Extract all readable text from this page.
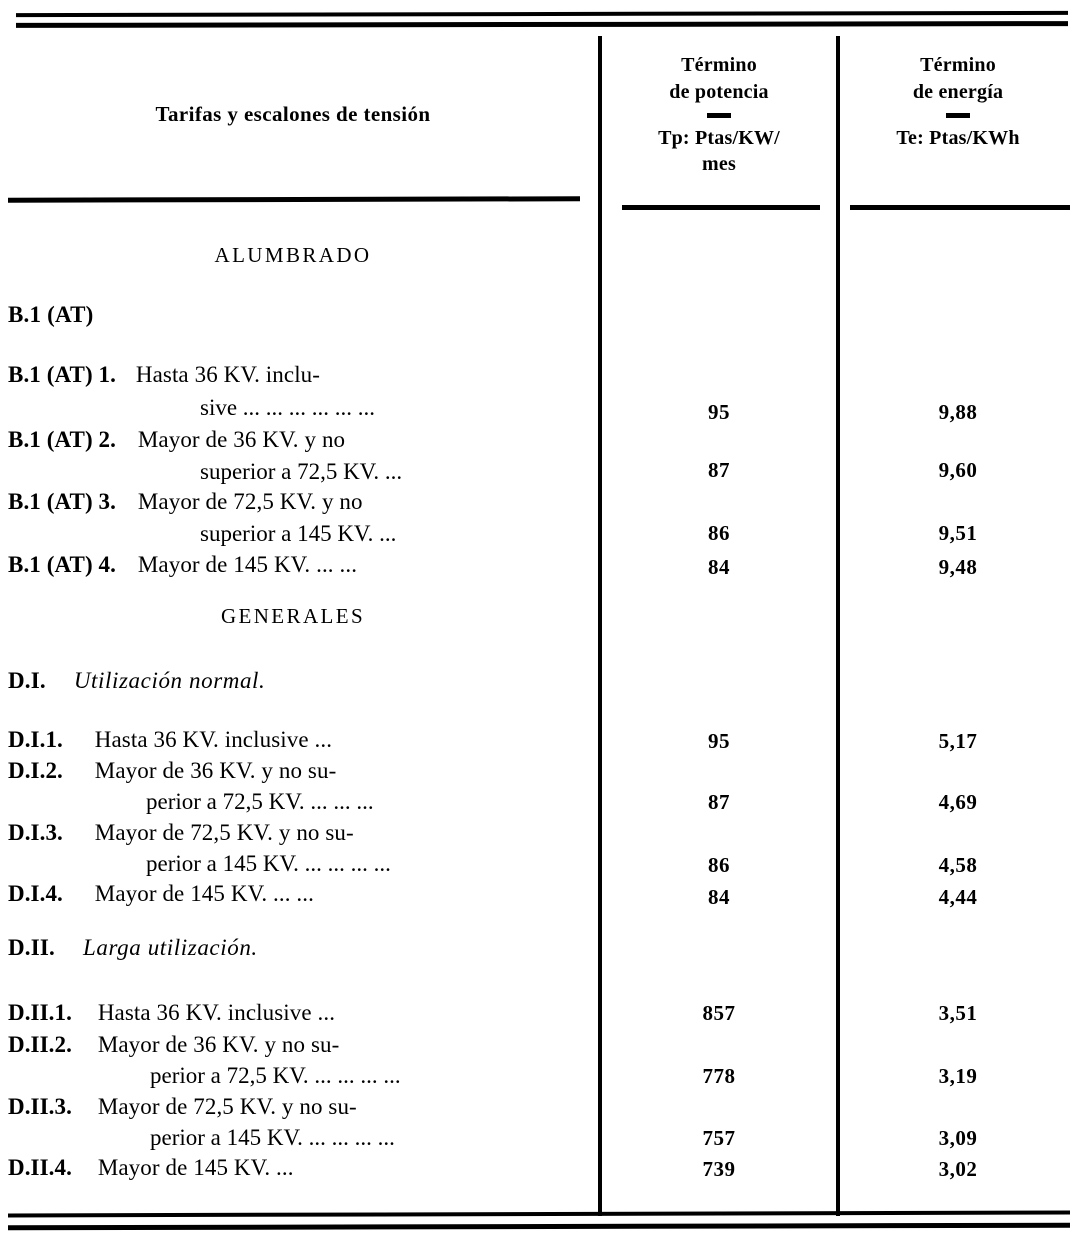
Tarifas y escalones de tensión
Término
de potencia
Tp: Ptas/KW/
mes
Término
de energía
Te: Ptas/KWh
ALUMBRADO
B.1 (AT)
B.1 (AT) 1. Hasta 36 KV. inclu-
sive ... ... ... ... ... ...	95	9,88
B.1 (AT) 2. Mayor de 36 KV. y no
superior a 72,5 KV. ...	87	9,60
B.1 (AT) 3. Mayor de 72,5 KV. y no
superior a 145 KV. ...	86	9,51
B.1 (AT) 4. Mayor de 145 KV. ... ...	84	9,48
GENERALES
D.I. Utilización normal.
D.I.1. Hasta 36 KV. inclusive ...	95	5,17
D.I.2. Mayor de 36 KV. y no su-
perior a 72,5 KV. ... ... ...	87	4,69
D.I.3. Mayor de 72,5 KV. y no su-
perior a 145 KV. ... ... ... ...	86	4,58
D.I.4. Mayor de 145 KV. ... ...	84	4,44
D.II. Larga utilización.
D.II.1. Hasta 36 KV. inclusive ...	857	3,51
D.II.2. Mayor de 36 KV. y no su-
perior a 72,5 KV. ... ... ... ...	778	3,19
D.II.3. Mayor de 72,5 KV. y no su-
perior a 145 KV. ... ... ... ...	757	3,09
D.II.4. Mayor de 145 KV. ...	739	3,02
